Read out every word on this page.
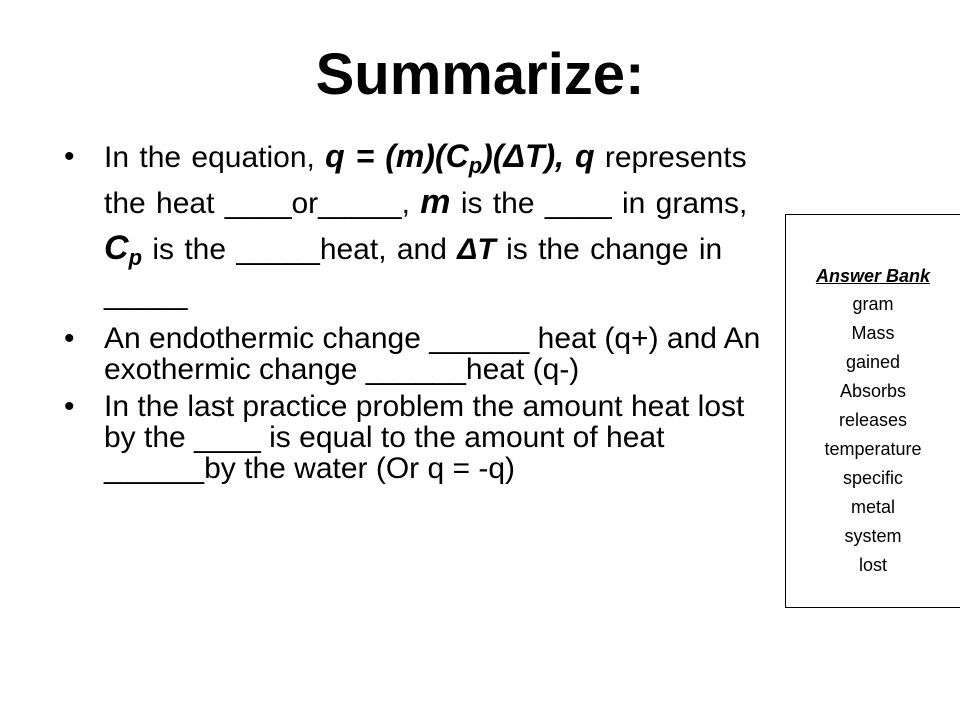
Summarize:
• In the equation, $q = (m)(C_p)(\Delta T)$, q represents the heat ____or_____, m is the ____ in grams, $C_p$ is the _____heat, and ΔT is the change in _____
• An endothermic change ______ heat (q+) and An exothermic change ______heat (q-)
• In the last practice problem the amount heat lost by the ____ is equal to the amount of heat ______by the water (Or q = -q)
Answer Bank
gram
Mass
gained
Absorbs
releases
temperature
specific
metal
system
lost
